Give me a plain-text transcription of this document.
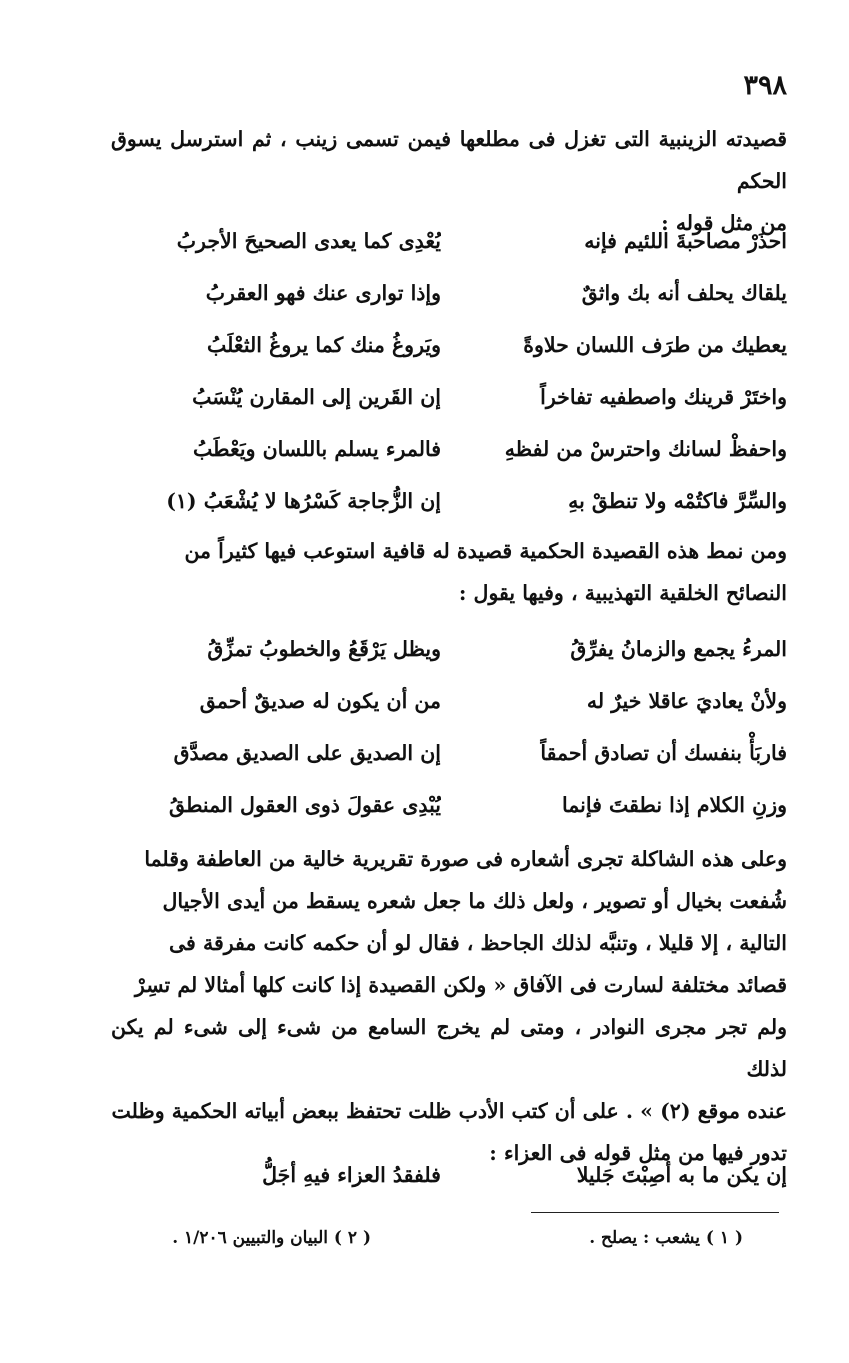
٣٩٨

قصيدته الزينبية التى تغزل فى مطلعها فيمن تسمى زينب ، ثم استرسل يسوق الحكم
من مثل قوله :

احذَرْ مصاحبةَ اللئيم فإنه
يُعْدِى كما يعدى الصحيحَ الأجربُ
يلقاك يحلف أنه بك واثقٌ
وإذا توارى عنك فهو العقربُ
يعطيك من طرَف اللسان حلاوةً
ويَروغُ منك كما يروغُ الثعْلَبُ
واختَرْ قرينك واصطفيه تفاخراً
إن القَرين إلى المقارن يُنْسَبُ
واحفظْ لسانك واحترسْ من لفظهِ
فالمرء يسلم باللسان ويَعْطَبُ
والسِّرَّ فاكتُمْه ولا تنطقْ بهِ
إن الزُّجاجة كَسْرُها لا يُشْعَبُ (١)

ومن نمط هذه القصيدة الحكمية قصيدة له قافية استوعب فيها كثيراً من
النصائح الخلقية التهذيبية ، وفيها يقول :

المرءُ يجمع والزمانُ يفرِّقُ
ويظل يَرْقَعُ والخطوبُ تمزِّقُ
ولأنْ يعاديَ عاقلا خيرٌ له
من أن يكون له صديقٌ أحمق
فاربَأْ بنفسك أن تصادق أحمقاً
إن الصديق على الصديق مصدَّق
وزنِ الكلام إذا نطقتَ فإنما
يُبْدِى عقولَ ذوى العقول المنطقُ

وعلى هذه الشاكلة تجرى أشعاره فى صورة تقريرية خالية من العاطفة وقلما
شُفعت بخيال أو تصوير ، ولعل ذلك ما جعل شعره يسقط من أيدى الأجيال
التالية ، إلا قليلا ، وتنبَّه لذلك الجاحظ ، فقال لو أن حكمه كانت مفرقة فى
قصائد مختلفة لسارت فى الآفاق « ولكن القصيدة إذا كانت كلها أمثالا لم تسِرْ
ولم تجر مجرى النوادر ، ومتى لم يخرج السامع من شىء إلى شىء لم يكن لذلك
عنده موقع (٢) » . على أن كتب الأدب ظلت تحتفظ ببعض أبياته الحكمية وظلت
تدور فيها من مثل قوله فى العزاء :

إن يكن ما به أصِبْتَ جَليلا
فلفقدُ العزاء فيهِ أجَلُّ
( ١ ) يشعب : يصلح .
( ٢ ) البيان والتبيين ١/٢٠٦ .
